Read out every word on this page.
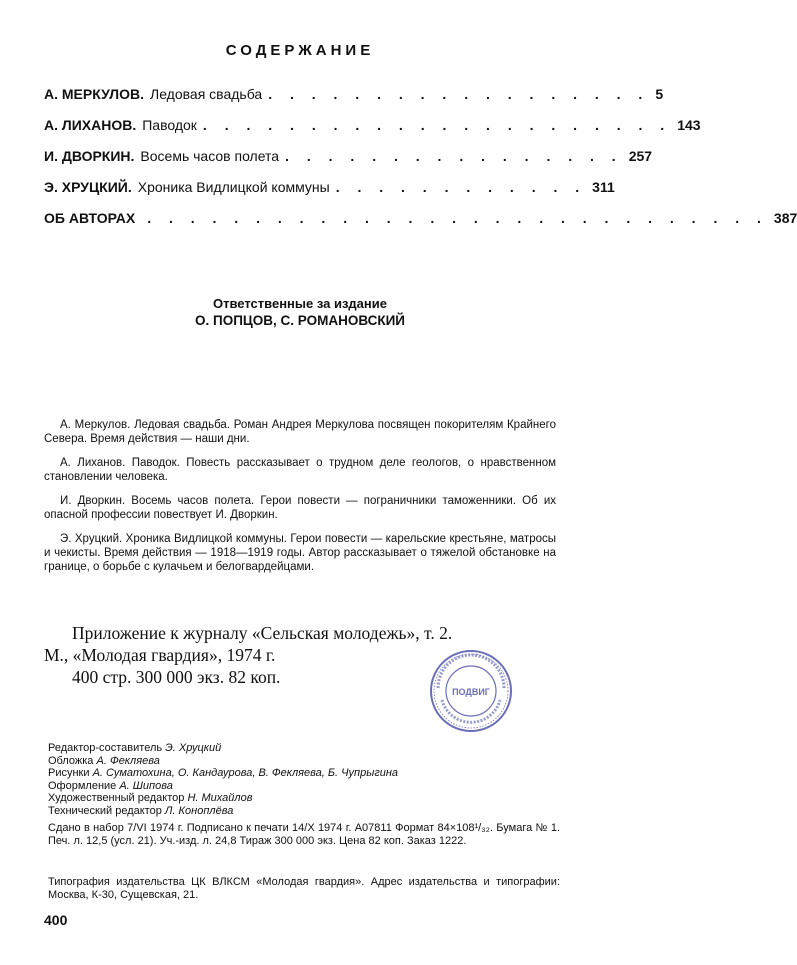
СОДЕРЖАНИЕ
А. МЕРКУЛОВ. Ледовая свадьба . . . . . . . . . . . . . . . . . . 5
А. ЛИХАНОВ. Паводок . . . . . . . . . . . . . . . . . . . . . . 143
И. ДВОРКИН. Восемь часов полета . . . . . . . . . . . . . . . . 257
Э. ХРУЦКИЙ. Хроника Видлицкой коммуны . . . . . . . . . . . . 311
ОБ АВТОРАХ . . . . . . . . . . . . . . . . . . . . . . . . . . . . . 387
Ответственные за издание
О. ПОПЦОВ, С. РОМАНОВСКИЙ

А. Меркулов. Ледовая свадьба. Роман Андрея Меркулова посвящен покорителям Крайнего Севера. Время действия — наши дни.

А. Лиханов. Паводок. Повесть рассказывает о трудном деле геологов, о нравственном становлении человека.

И. Дворкин. Восемь часов полета. Герои повести — пограничники таможенники. Об их опасной профессии повествует И. Дворкин.

Э. Хруцкий. Хроника Видлицкой коммуны. Герои повести — карельские крестьяне, матросы и чекисты. Время действия — 1918—1919 годы. Автор рассказывает о тяжелой обстановке на границе, о борьбе с кулачьем и белогвардейцами.

Приложение к журналу «Сельская молодежь», т. 2.
М., «Молодая гвардия», 1974 г.
400 стр. 300 000 экз. 82 коп.
ПОДВИГ
Редактор-составитель Э. Хруцкий
Обложка А. Фекляева
Рисунки А. Суматохина, О. Кандаурова, В. Фекляева, Б. Чупрыгина
Оформление А. Шипова
Художественный редактор Н. Михайлов
Технический редактор Л. Коноплёва
Сдано в набор 7/VI 1974 г. Подписано к печати 14/X 1974 г. А07811 Формат 84×108¹/₃₂. Бумага № 1. Печ. л. 12,5 (усл. 21). Уч.-изд. л. 24,8 Тираж 300 000 экз. Цена 82 коп. Заказ 1222.
Типография издательства ЦК ВЛКСМ «Молодая гвардия». Адрес издательства и типографии: Москва, К-30, Сущевская, 21.
400
